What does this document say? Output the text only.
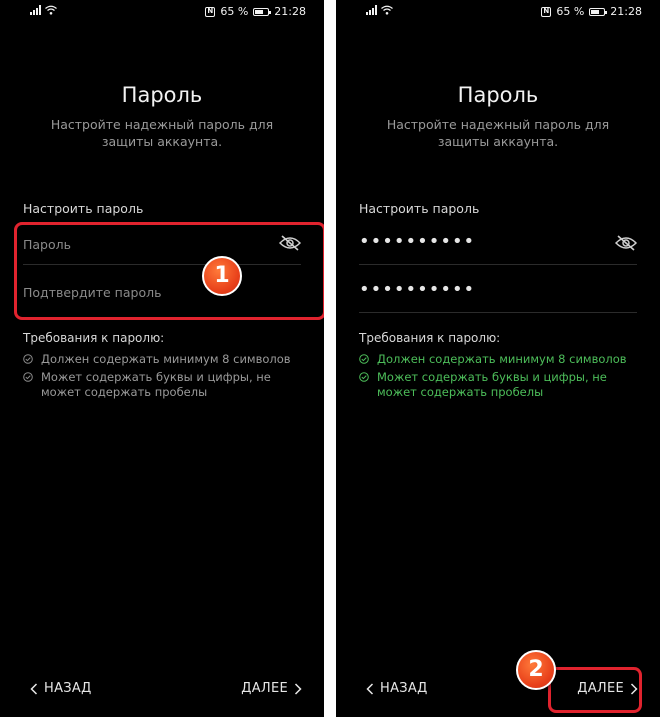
N 65 % 21:28
Пароль
Настройте надежный пароль для защиты аккаунта.
Настроить пароль
Пароль
Подтвердите пароль
Требования к паролю:
Должен содержать минимум 8 символов
Может содержать буквы и цифры, не может содержать пробелы
НАЗАД	ДАЛЕЕ
1
N 65 % 21:28
Пароль
Настройте надежный пароль для защиты аккаунта.
Настроить пароль
••••••••••
••••••••••
Требования к паролю:
Должен содержать минимум 8 символов
Может содержать буквы и цифры, не может содержать пробелы
НАЗАД	ДАЛЕЕ
2
